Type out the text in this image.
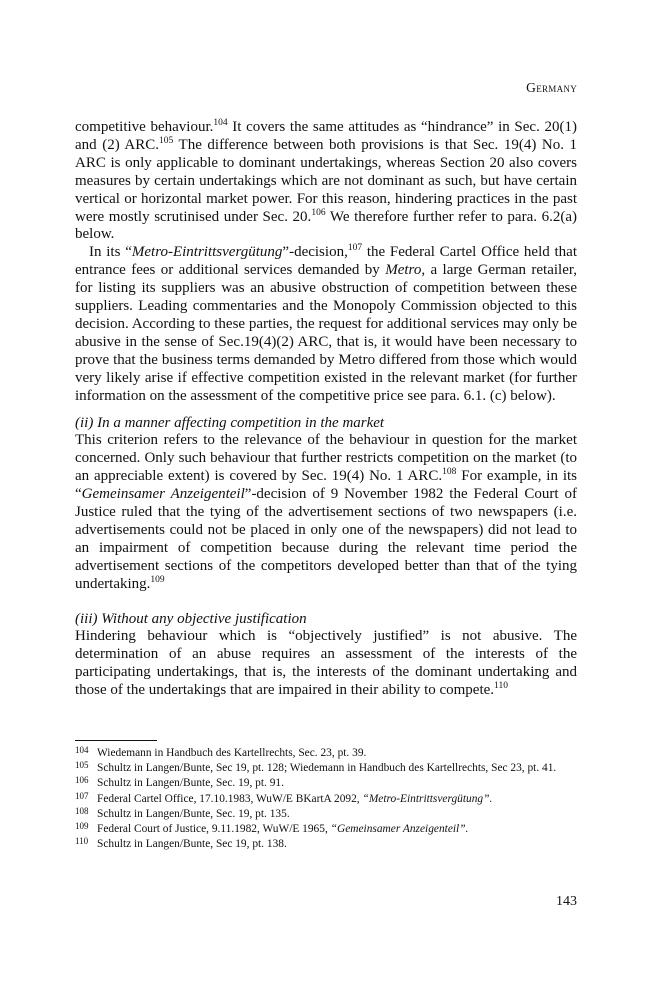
Germany

competitive behaviour.$^{104}$ It covers the same attitudes as “hindrance” in Sec. 20(1) and (2) ARC.$^{105}$ The difference between both provisions is that Sec. 19(4) No. 1 ARC is only applicable to dominant undertakings, whereas Section 20 also covers measures by certain undertakings which are not dominant as such, but have certain vertical or horizontal market power. For this reason, hindering practices in the past were mostly scrutinised under Sec. 20.$^{106}$ We therefore further refer to para. 6.2(a) below.

In its “Metro-Eintrittsvergütung”-decision,$^{107}$ the Federal Cartel Office held that entrance fees or additional services demanded by Metro, a large German retailer, for listing its suppliers was an abusive obstruction of competition between these suppliers. Leading commentaries and the Monopoly Commission objected to this decision. According to these parties, the request for additional services may only be abusive in the sense of Sec.19(4)(2) ARC, that is, it would have been necessary to prove that the business terms demanded by Metro differed from those which would very likely arise if effective competition existed in the relevant market (for further information on the assessment of the competitive price see para. 6.1. (c) below).

(ii) In a manner affecting competition in the market

This criterion refers to the relevance of the behaviour in question for the market concerned. Only such behaviour that further restricts competition on the market (to an appreciable extent) is covered by Sec. 19(4) No. 1 ARC.$^{108}$ For example, in its “Gemeinsamer Anzeigenteil”-decision of 9 November 1982 the Federal Court of Justice ruled that the tying of the advertisement sections of two newspapers (i.e. advertisements could not be placed in only one of the newspapers) did not lead to an impairment of competition because during the relevant time period the advertisement sections of the competitors developed better than that of the tying undertaking.$^{109}$

(iii) Without any objective justification

Hindering behaviour which is “objectively justified” is not abusive. The determination of an abuse requires an assessment of the interests of the participating undertakings, that is, the interests of the dominant undertaking and those of the undertakings that are impaired in their ability to compete.$^{110}$

104 Wiedemann in Handbuch des Kartellrechts, Sec. 23, pt. 39.
105 Schultz in Langen/Bunte, Sec 19, pt. 128; Wiedemann in Handbuch des Kartellrechts, Sec 23, pt. 41.
106 Schultz in Langen/Bunte, Sec. 19, pt. 91.
107 Federal Cartel Office, 17.10.1983, WuW/E BKartA 2092, “Metro-Eintrittsvergütung”.
108 Schultz in Langen/Bunte, Sec. 19, pt. 135.
109 Federal Court of Justice, 9.11.1982, WuW/E 1965, “Gemeinsamer Anzeigenteil”.
110 Schultz in Langen/Bunte, Sec 19, pt. 138.
143
